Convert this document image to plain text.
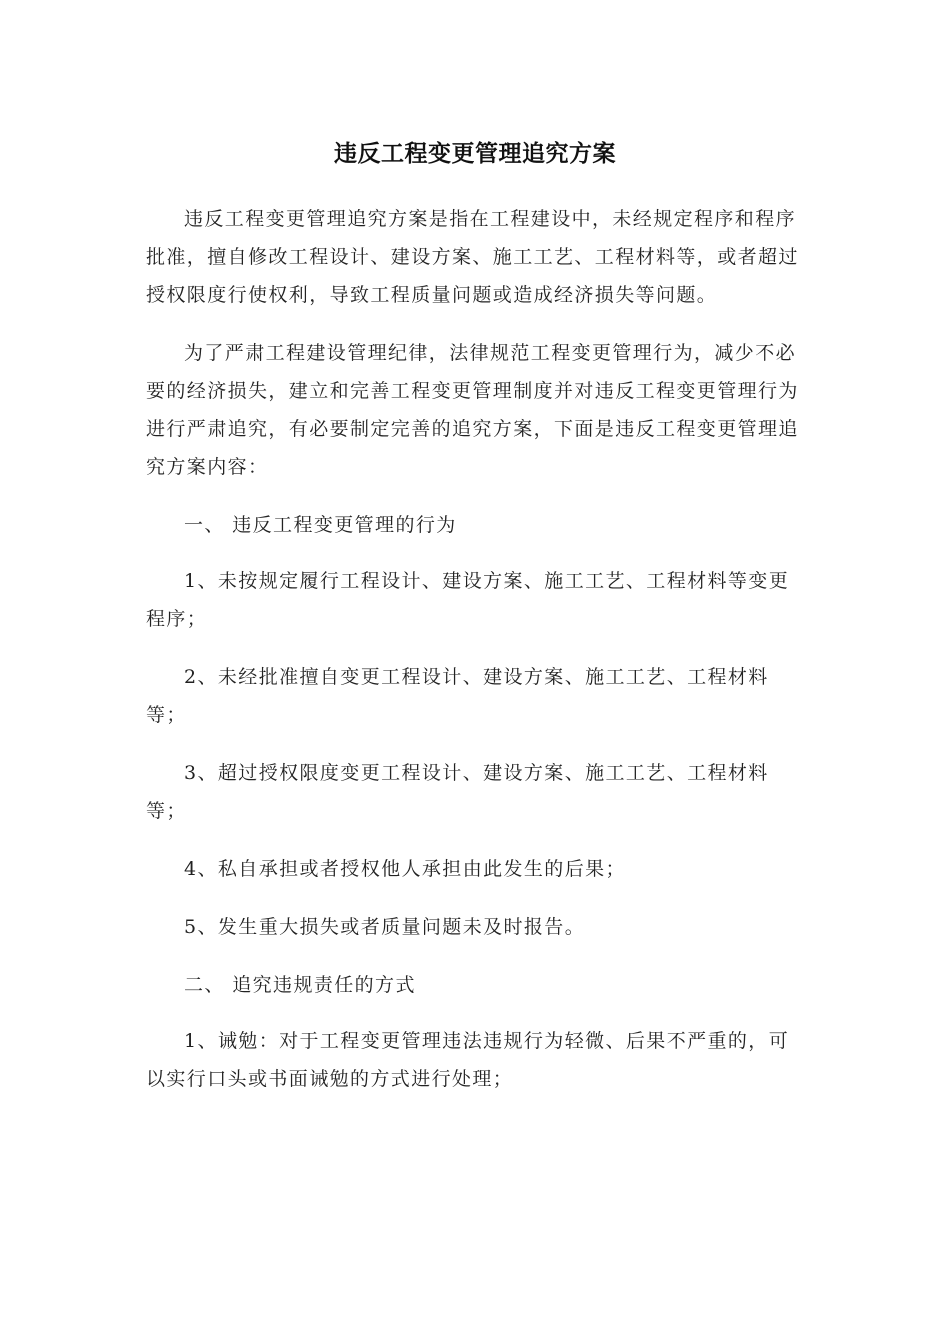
违反工程变更管理追究方案

违反工程变更管理追究方案是指在工程建设中，未经规定程序和程序批准，擅自修改工程设计、建设方案、施工工艺、工程材料等，或者超过授权限度行使权利，导致工程质量问题或造成经济损失等问题。

为了严肃工程建设管理纪律，法律规范工程变更管理行为，减少不必要的经济损失，建立和完善工程变更管理制度并对违反工程变更管理行为进行严肃追究，有必要制定完善的追究方案，下面是违反工程变更管理追究方案内容：

一、 违反工程变更管理的行为

1、未按规定履行工程设计、建设方案、施工工艺、工程材料等变更程序；

2、未经批准擅自变更工程设计、建设方案、施工工艺、工程材料等；

3、超过授权限度变更工程设计、建设方案、施工工艺、工程材料等；

4、私自承担或者授权他人承担由此发生的后果；

5、发生重大损失或者质量问题未及时报告。

二、 追究违规责任的方式

1、诫勉：对于工程变更管理违法违规行为轻微、后果不严重的，可以实行口头或书面诫勉的方式进行处理；
